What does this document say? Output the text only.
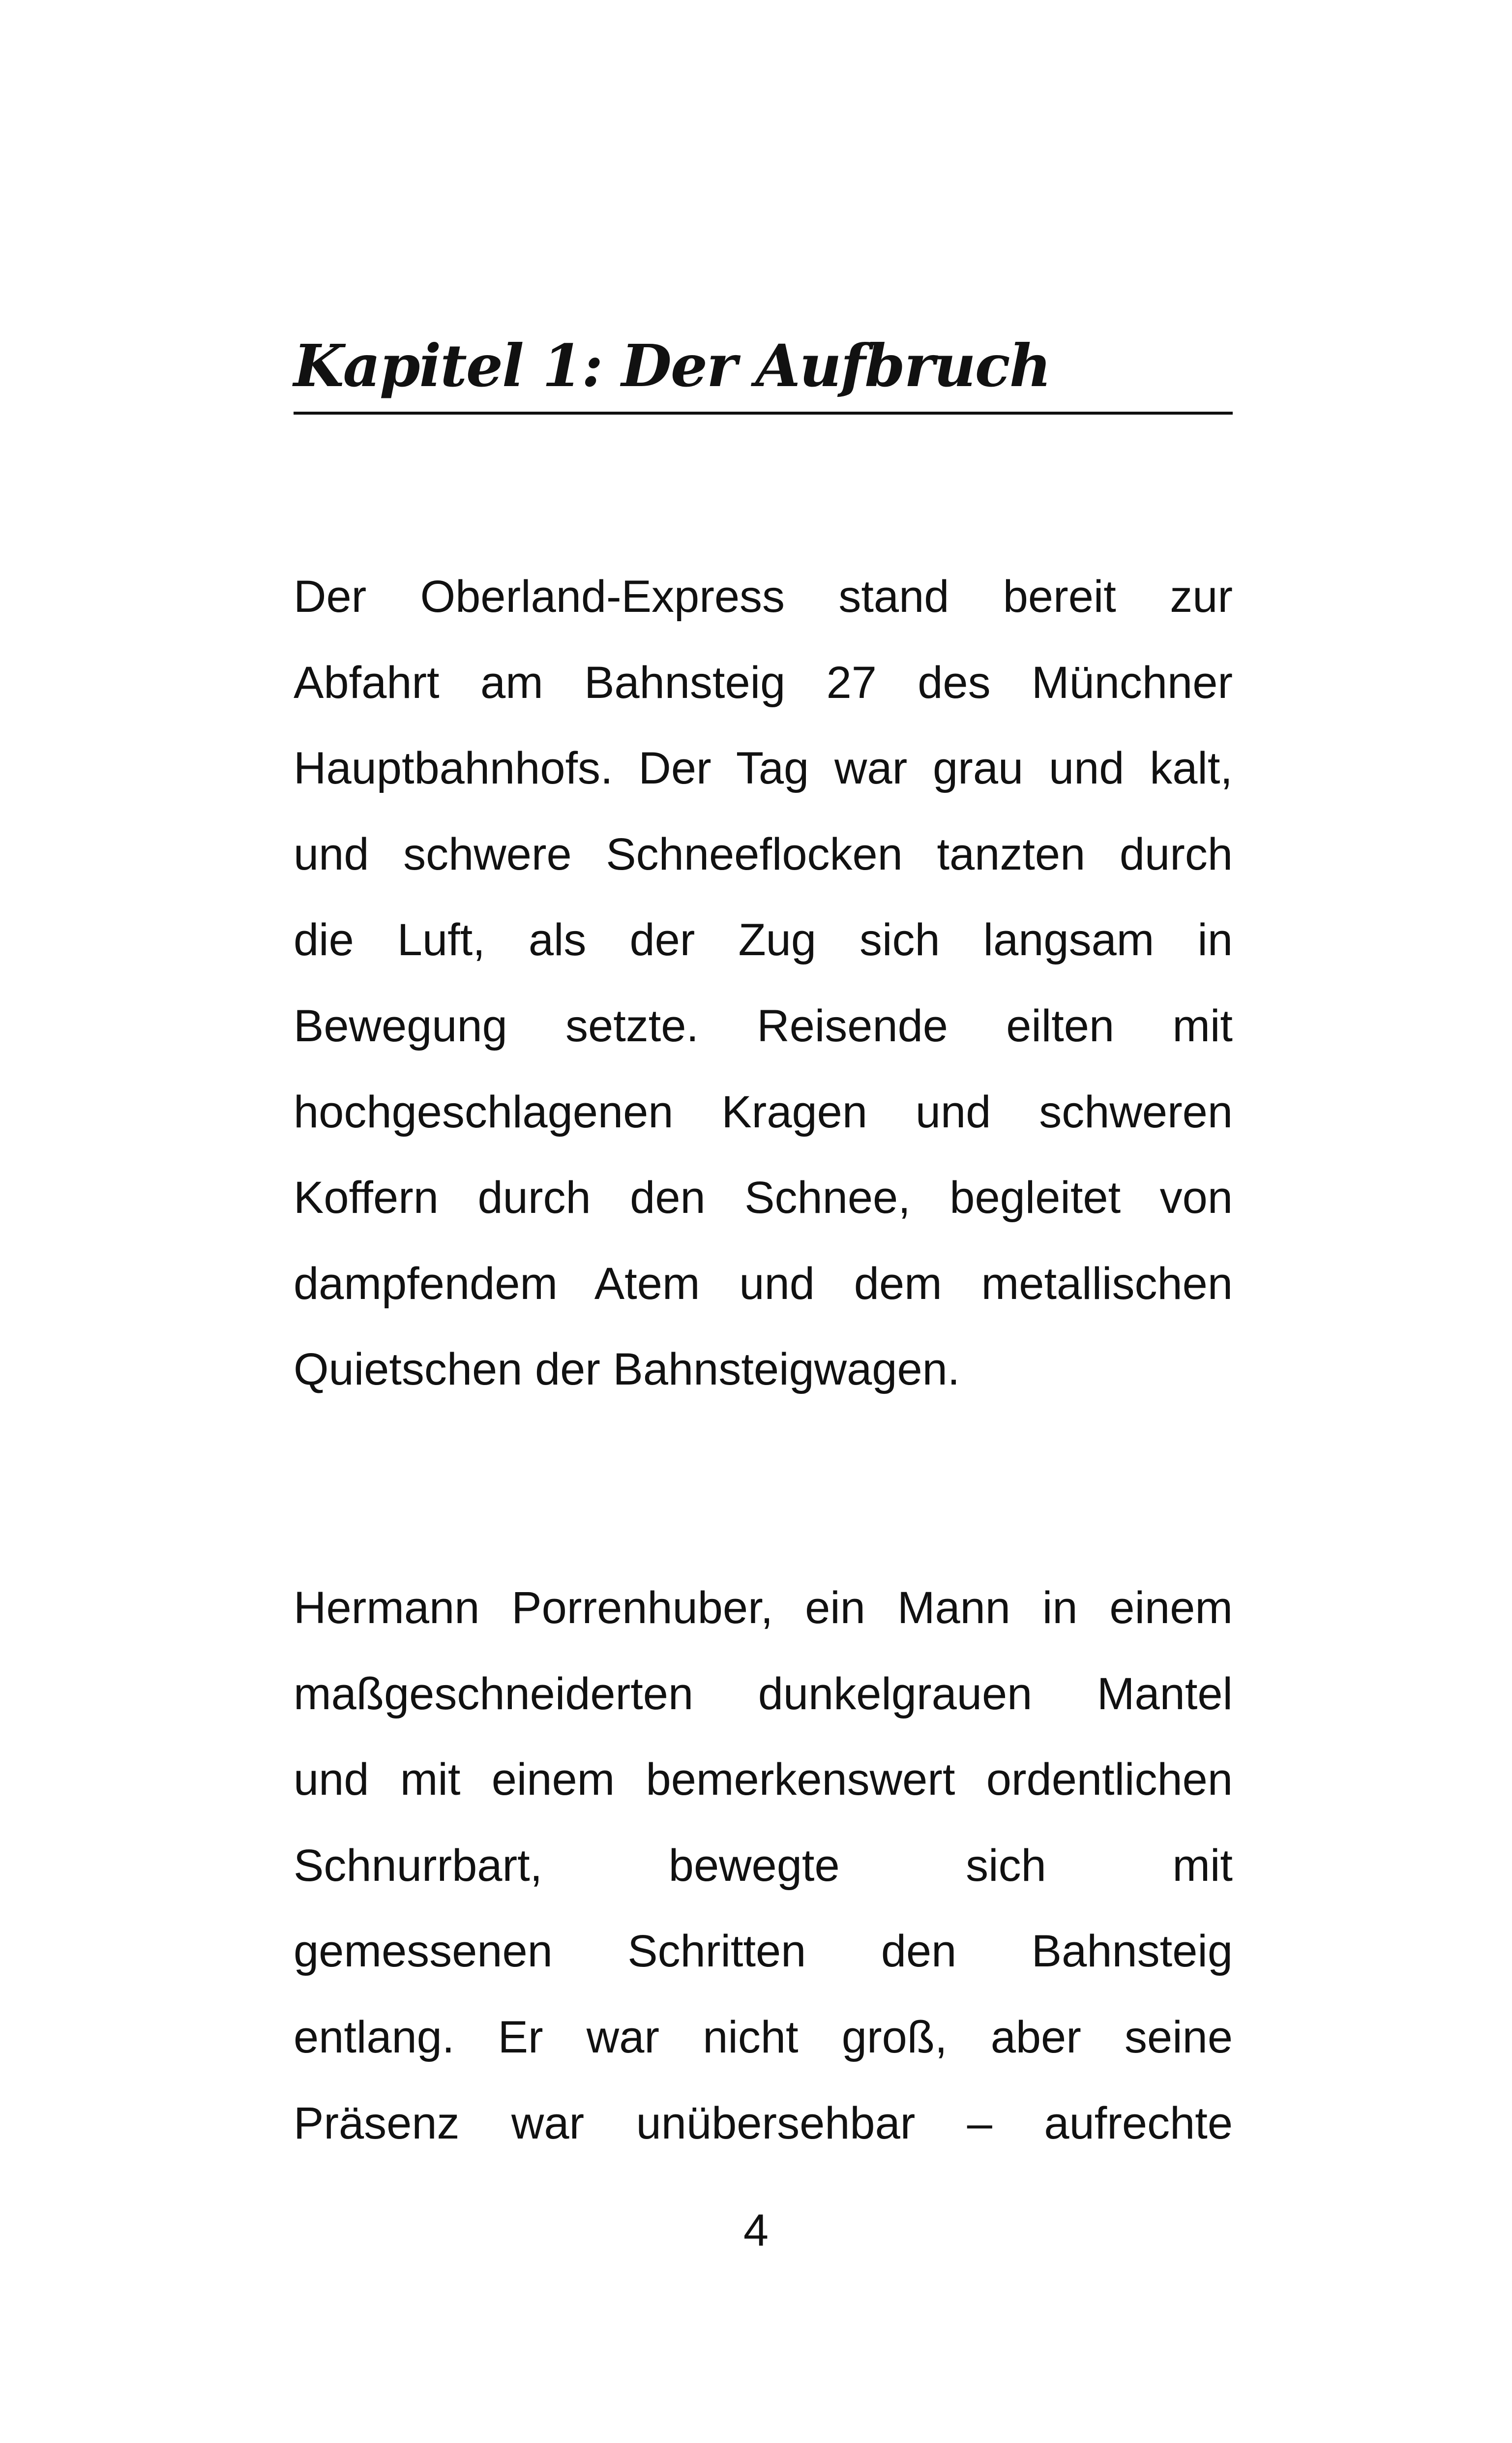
Kapitel 1: Der Aufbruch

Der Oberland-Express stand bereit zur
Abfahrt am Bahnsteig 27 des Münchner
Hauptbahnhofs. Der Tag war grau und kalt,
und schwere Schneeflocken tanzten durch
die Luft, als der Zug sich langsam in
Bewegung setzte. Reisende eilten mit
hochgeschlagenen Kragen und schweren
Koffern durch den Schnee, begleitet von
dampfendem Atem und dem metallischen
Quietschen der Bahnsteigwagen.

Hermann Porrenhuber, ein Mann in einem
maßgeschneiderten dunkelgrauen Mantel
und mit einem bemerkenswert ordentlichen
Schnurrbart, bewegte sich mit
gemessenen Schritten den Bahnsteig
entlang. Er war nicht groß, aber seine
Präsenz war unübersehbar – aufrechte

4
